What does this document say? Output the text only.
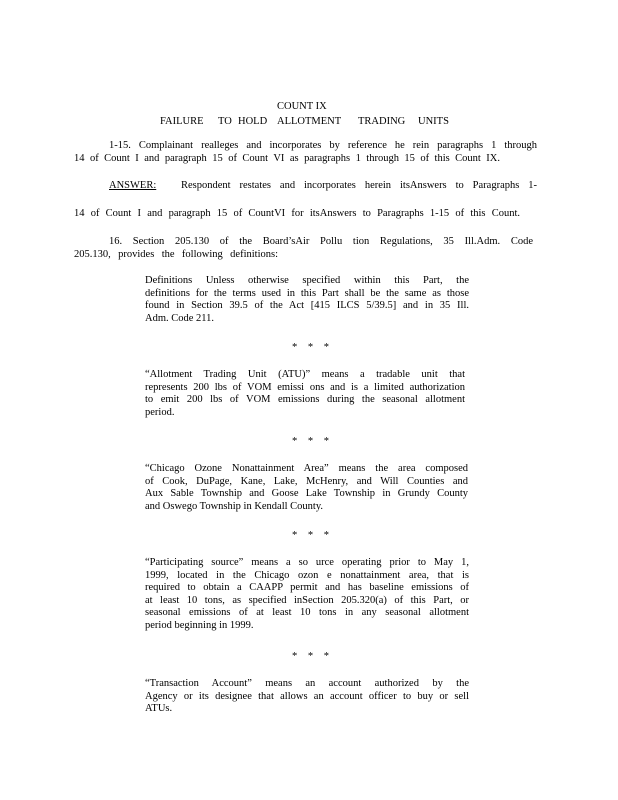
COUNT IX
FAILURE TO HOLD ALLOTMENT TRADING UNITS
1-15. Complainant realleges and incorporates by reference he rein paragraphs 1 through
14 of Count I and paragraph 15 of Count VI as paragraphs 1 through 15 of this Count IX.
ANSWER:	Respondent restates and incorporates herein itsAnswers to Paragraphs 1-
14 of Count I and paragraph 15 of CountVI for itsAnswers to Paragraphs 1-15 of this Count.
16. Section 205.130 of the Board’sAir Pollu tion Regulations, 35 Ill.Adm. Code
205.130, provides the following definitions:
Definitions Unless otherwise specified within this Part, the
definitions for the terms used in this Part shall be the same as those
found in Section 39.5 of the Act [415 ILCS 5/39.5] and in 35 Ill.
Adm. Code 211.
* * *
“Allotment Trading Unit (ATU)” means a tradable unit that
represents 200 lbs of VOM emissi ons and is a limited authorization
to emit 200 lbs of VOM emissions during the seasonal allotment
period.
* * *
“Chicago Ozone Nonattainment Area” means the area composed
of Cook, DuPage, Kane, Lake, McHenry, and Will Counties and
Aux Sable Township and Goose Lake Township in Grundy County
and Oswego Township in Kendall County.
* * *
“Participating source” means a so urce operating prior to May 1,
1999, located in the Chicago ozon e nonattainment area, that is
required to obtain a CAAPP permit and has baseline emissions of
at least 10 tons, as specified inSection 205.320(a) of this Part, or
seasonal emissions of at least 10 tons in any seasonal allotment
period beginning in 1999.
* * *
“Transaction Account” means an account authorized by the
Agency or its designee that allows an account officer to buy or sell
ATUs.
